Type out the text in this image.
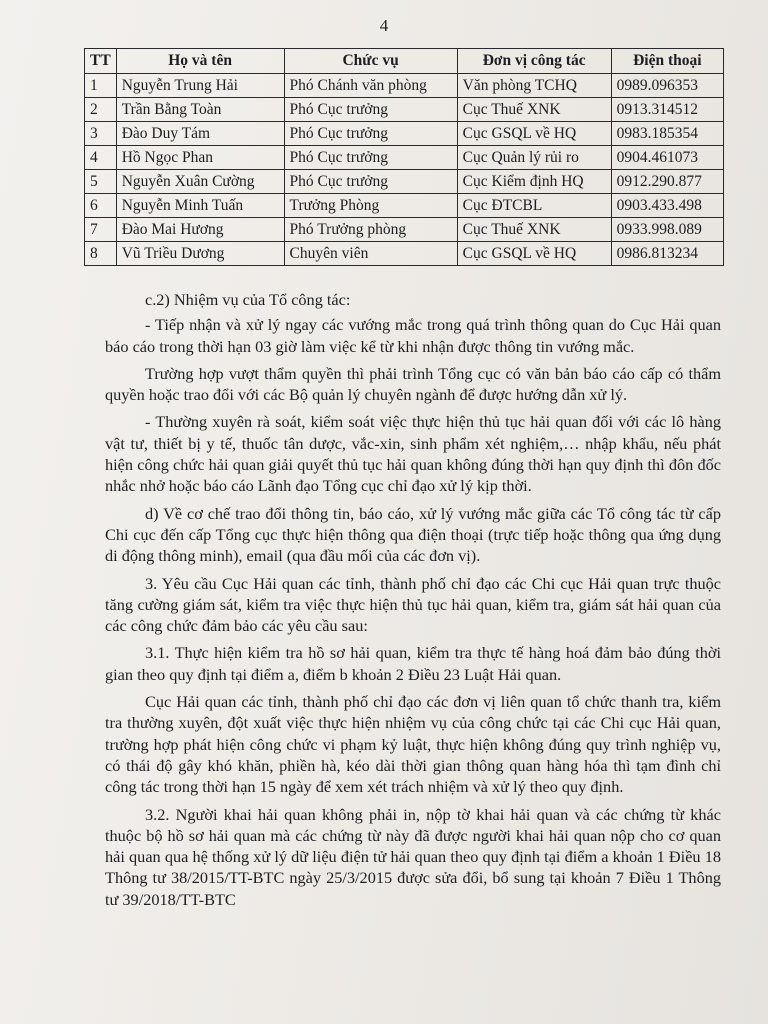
4
TT	Họ và tên	Chức vụ	Đơn vị công tác	Điện thoại
1	Nguyễn Trung Hải	Phó Chánh văn phòng	Văn phòng TCHQ	0989.096353
2	Trần Bằng Toàn	Phó Cục trưởng	Cục Thuế XNK	0913.314512
3	Đào Duy Tám	Phó Cục trưởng	Cục GSQL về HQ	0983.185354
4	Hồ Ngọc Phan	Phó Cục trưởng	Cục Quản lý rủi ro	0904.461073
5	Nguyễn Xuân Cường	Phó Cục trưởng	Cục Kiểm định HQ	0912.290.877
6	Nguyễn Minh Tuấn	Trưởng Phòng	Cục ĐTCBL	0903.433.498
7	Đào Mai Hương	Phó Trưởng phòng	Cục Thuế XNK	0933.998.089
8	Vũ Triều Dương	Chuyên viên	Cục GSQL về HQ	0986.813234

c.2) Nhiệm vụ của Tổ công tác:

- Tiếp nhận và xử lý ngay các vướng mắc trong quá trình thông quan do Cục Hải quan báo cáo trong thời hạn 03 giờ làm việc kể từ khi nhận được thông tin vướng mắc.

Trường hợp vượt thẩm quyền thì phải trình Tổng cục có văn bản báo cáo cấp có thẩm quyền hoặc trao đổi với các Bộ quản lý chuyên ngành để được hướng dẫn xử lý.

- Thường xuyên rà soát, kiểm soát việc thực hiện thủ tục hải quan đối với các lô hàng vật tư, thiết bị y tế, thuốc tân dược, vắc-xin, sinh phẩm xét nghiệm,… nhập khẩu, nếu phát hiện công chức hải quan giải quyết thủ tục hải quan không đúng thời hạn quy định thì đôn đốc nhắc nhở hoặc báo cáo Lãnh đạo Tổng cục chỉ đạo xử lý kịp thời.

d) Về cơ chế trao đổi thông tin, báo cáo, xử lý vướng mắc giữa các Tổ công tác từ cấp Chi cục đến cấp Tổng cục thực hiện thông qua điện thoại (trực tiếp hoặc thông qua ứng dụng di động thông minh), email (qua đầu mối của các đơn vị).

3. Yêu cầu Cục Hải quan các tỉnh, thành phố chỉ đạo các Chi cục Hải quan trực thuộc tăng cường giám sát, kiểm tra việc thực hiện thủ tục hải quan, kiểm tra, giám sát hải quan của các công chức đảm bảo các yêu cầu sau:

3.1. Thực hiện kiểm tra hồ sơ hải quan, kiểm tra thực tế hàng hoá đảm bảo đúng thời gian theo quy định tại điểm a, điểm b khoản 2 Điều 23 Luật Hải quan.

Cục Hải quan các tỉnh, thành phố chỉ đạo các đơn vị liên quan tổ chức thanh tra, kiểm tra thường xuyên, đột xuất việc thực hiện nhiệm vụ của công chức tại các Chi cục Hải quan, trường hợp phát hiện công chức vi phạm kỷ luật, thực hiện không đúng quy trình nghiệp vụ, có thái độ gây khó khăn, phiền hà, kéo dài thời gian thông quan hàng hóa thì tạm đình chỉ công tác trong thời hạn 15 ngày để xem xét trách nhiệm và xử lý theo quy định.

3.2. Người khai hải quan không phải in, nộp tờ khai hải quan và các chứng từ khác thuộc bộ hồ sơ hải quan mà các chứng từ này đã được người khai hải quan nộp cho cơ quan hải quan qua hệ thống xử lý dữ liệu điện tử hải quan theo quy định tại điểm a khoản 1 Điều 18 Thông tư 38/2015/TT-BTC ngày 25/3/2015 được sửa đổi, bổ sung tại khoản 7 Điều 1 Thông tư 39/2018/TT-BTC
